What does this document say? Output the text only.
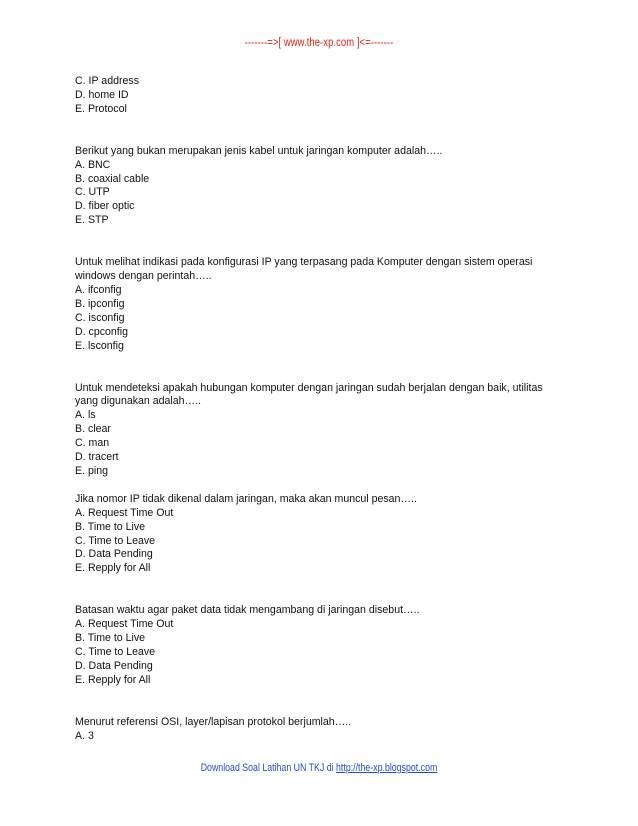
-------=>[ www.the-xp.com ]<=-------
C. IP address
D. home ID
E. Protocol
Berikut yang bukan merupakan jenis kabel untuk jaringan komputer adalah…..
A. BNC
B. coaxial cable
C. UTP
D. fiber optic
E. STP
Untuk melihat indikasi pada konfigurasi IP yang terpasang pada Komputer dengan sistem operasi
windows dengan perintah…..
A. ifconfig
B. ipconfig
C. isconfig
D. cpconfig
E. lsconfig
Untuk mendeteksi apakah hubungan komputer dengan jaringan sudah berjalan dengan baik, utilitas
yang digunakan adalah…..
A. ls
B. clear
C. man
D. tracert
E. ping
Jika nomor IP tidak dikenal dalam jaringan, maka akan muncul pesan…..
A. Request Time Out
B. Time to Live
C. Time to Leave
D. Data Pending
E. Repply for All
Batasan waktu agar paket data tidak mengambang di jaringan disebut…..
A. Request Time Out
B. Time to Live
C. Time to Leave
D. Data Pending
E. Repply for All
Menurut referensi OSI, layer/lapisan protokol berjumlah…..
A. 3
Download Soal Latihan UN TKJ di http://the-xp.blogspot.com
